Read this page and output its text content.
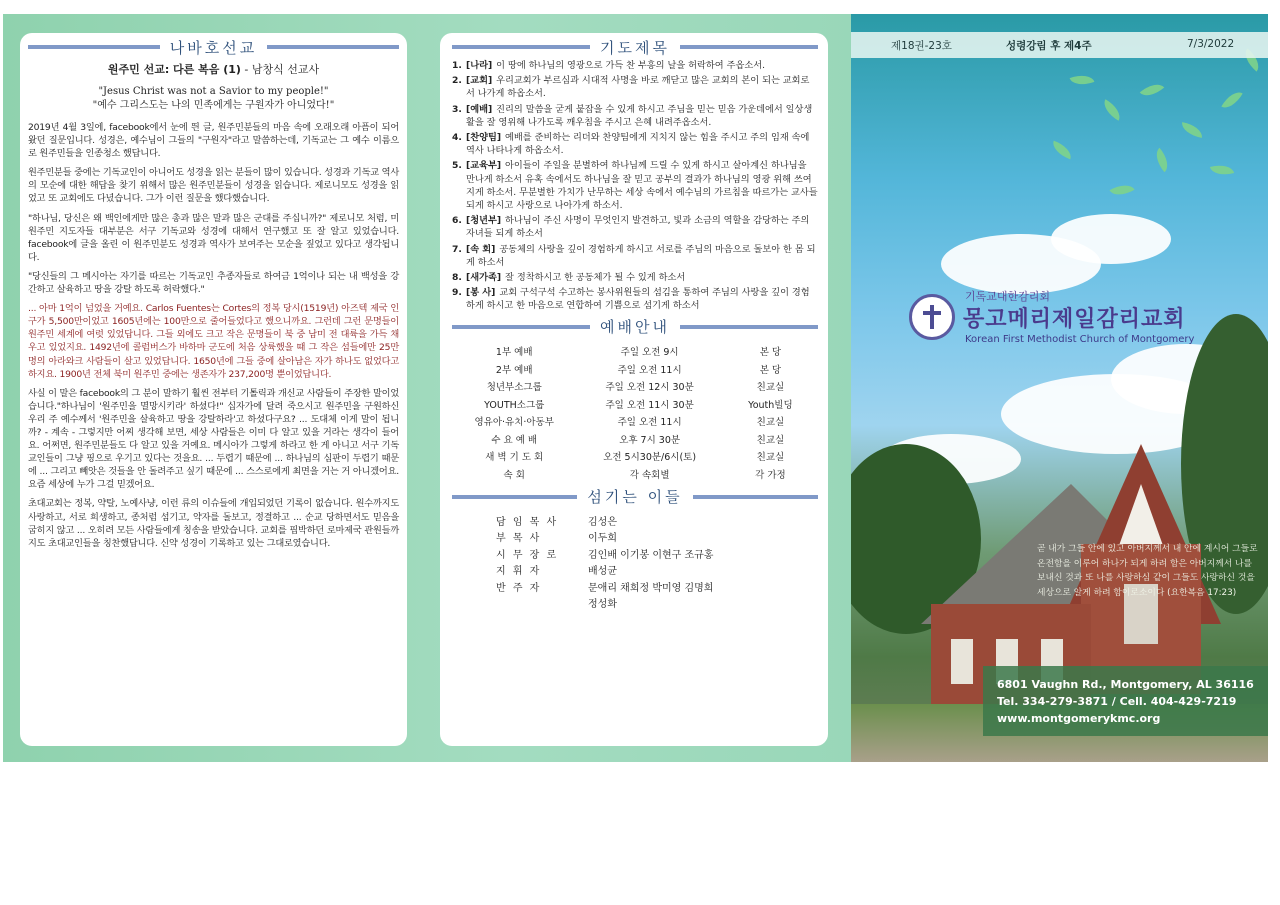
나바호선교
원주민 선교: 다른 복음 (1) - 남창식 선교사
"Jesus Christ was not a Savior to my people!"
"예수 그리스도는 나의 민족에게는 구원자가 아니었다!"

2019년 4월 3일에, facebook에서 눈에 띈 글, 원주민분들의 마음 속에 오래오래 아픔이 되어왔던 질문입니다. 성경은, 예수님이 그들의 "구원자"라고 말씀하는데, 기독교는 그 예수 이름으로 원주민들을 인종청소 했답니다.

원주민분들 중에는 기독교인이 아니어도 성경을 읽는 분들이 많이 있습니다. 성경과 기독교 역사의 모순에 대한 해답을 찾기 위해서 많은 원주민분들이 성경을 읽습니다. 제로니모도 성경을 읽었고 또 교회에도 다녔습니다. 그가 이런 질문을 했다했습니다.

"하나님, 당신은 왜 백인에게만 많은 총과 많은 말과 많은 군대를 주십니까?" 제로니모 처럼, 미 원주민 지도자들 대부분은 서구 기독교와 성경에 대해서 연구했고 또 잘 알고 있었습니다. facebook에 글을 올린 이 원주민분도 성경과 역사가 보여주는 모순을 짚었고 있다고 생각됩니다.

"당신들의 그 메시아는 자기를 따르는 기독교인 추종자들로 하여금 1억이나 되는 내 백성을 강간하고 살육하고 땅을 강탈 하도록 허락했다."

... 아마 1억이 넘었을 거예요. Carlos Fuentes는 Cortes의 정복 당시(1519년) 아즈텍 제국 인구가 5,500만이었고 1605년에는 100만으로 줄어들었다고 했으니까요. 그런데 그런 문명들이 원주민 세계에 여럿 있었답니다. 그들 외에도 크고 작은 문명들이 북 중 남미 전 대륙을 가득 채우고 있었지요. 1492년에 콜럼버스가 바하마 군도에 처음 상륙했을 때 그 작은 섬들에만 25만 명의 아라와크 사람들이 살고 있었답니다. 1650년에 그들 중에 살아남은 자가 하나도 없었다고 하지요. 1900년 전체 북미 원주민 중에는 생존자가 237,200명 뿐이었답니다.

사실 이 말은 facebook의 그 분이 말하기 훨씬 전부터 기톨릭과 개신교 사람들이 주장한 말이었습니다."하나님이 '원주민을 멸망시키라' 하셨다!" 십자가에 달려 죽으시고 원주민을 구원하신 우리 주 예수께서 '원주민을 살육하고 땅을 강탈하라'고 하셨다구요? ... 도대체 이게 말이 됩니까? - 계속 - 그렇지만 어찌 생각해 보면, 세상 사람들은 이미 다 알고 있을 거라는 생각이 들어요. 어쩌면, 원주민분들도 다 알고 있을 거예요. 메시아가 그렇게 하라고 한 게 아니고 서구 기독교인들이 그냥 핑으로 우기고 있다는 것을요. ... 두렵기 때문에 ... 하나님의 심판이 두렵기 때문에 ... 그리고 빼앗은 것들을 안 돌려주고 싶기 때문에 ... 스스로에게 최면을 거는 거 아니겠어요. 요즘 세상에 누가 그걸 믿겠어요.

초대교회는 정복, 약탈, 노예사냥, 이런 류의 이슈들에 개입되었던 기록이 없습니다. 원수까지도 사랑하고, 서로 희생하고, 종처럼 섬기고, 약자를 돌보고, 정결하고 ... 순교 당하면서도 믿음을 굽히지 않고 ... 오히려 모든 사람들에게 칭송을 받았습니다. 교회를 핍박하던 로마제국 관원들까지도 초대교인들을 칭찬했답니다. 신약 성경이 기록하고 있는 그대로였습니다.

기도제목
1. [나라] 이 땅에 하나님의 영광으로 가득 찬 부흥의 날을 허락하여 주옵소서.
2. [교회] 우리교회가 부르심과 시대적 사명을 바로 깨닫고 많은 교회의 본이 되는 교회로 서 나가게 하옵소서.
3. [예배] 진리의 말씀을 굳게 붙잡을 수 있게 하시고 주님을 믿는 믿음 가운데에서 일상생활을 잘 영위해 나가도록 깨우침을 주시고 은혜 내려주옵소서.
4. [찬양팀] 예배를 준비하는 리더와 찬양팀에게 지치지 않는 힘을 주시고 주의 임재 속에 역사 나타나게 하옵소서.
5. [교육부] 아이들이 주일을 분별하여 하나님께 드릴 수 있게 하시고 살아계신 하나님을 만나게 하소서 유혹 속에서도 하나님을 잘 믿고 공부의 결과가 하나님의 영광 위해 쓰여지게 하소서. 무분별한 가치가 난무하는 세상 속에서 예수님의 가르침을 따르가는 교사들 되게 하시고 사랑으로 나아가게 하소서.
6. [청년부] 하나님이 주신 사명이 무엇인지 발견하고, 빛과 소금의 역할을 감당하는 주의 자녀들 되게 하소서
7. [속 회] 공동체의 사랑을 깊이 경험하게 하시고 서로를 주님의 마음으로 돌보아 한 몸 되게 하소서
8. [새가족] 잘 정착하시고 한 공동체가 될 수 있게 하소서
9. [봉 사] 교회 구석구석 수고하는 봉사위원들의 섬김을 통하여 주님의 사랑을 깊이 경험하게 하시고 한 마음으로 연합하여 기쁨으로 섬기게 하소서
예배안내
1부 예배	주일 오전 9시	본 당
2부 예배	주일 오전 11시	본 당
청년부소그룹	주일 오전 12시 30분	친교실
YOUTH소그룹	주일 오전 11시 30분	Youth빌딩
영유아·유치·아동부	주일 오전 11시	친교실
수 요 예 배	오후 7시 30분	친교실
새 벽 기 도 회	오전 5시30분/6시(토)	친교실
속 회	각 속회별	각 가정
섬기는 이들
담 임 목 사	김성은
부 목 사	이두희
시 무 장 로	김인배 이기봉 이현구 조규홍
지 휘 자	배성균
반 주 자	문애리 채희정 박미영 김명희
정성화
제18권-23호	성령강림 후 제4주	7/3/2022
기독교대한감리회
몽고메리제일감리교회
Korean First Methodist Church of Montgomery
곧 내가 그들 안에 있고 아버지께서 내 안에 계시어 그들로 온전함을 이루어 하나가 되게 하려 함은 아버지께서 나를 보내신 것과 또 나를 사랑하심 같이 그들도 사랑하신 것을 세상으로 알게 하려 함이로소이다 (요한복음 17:23)
6801 Vaughn Rd., Montgomery, AL 36116
Tel. 334-279-3871 / Cell. 404-429-7219
www.montgomerykmc.org
